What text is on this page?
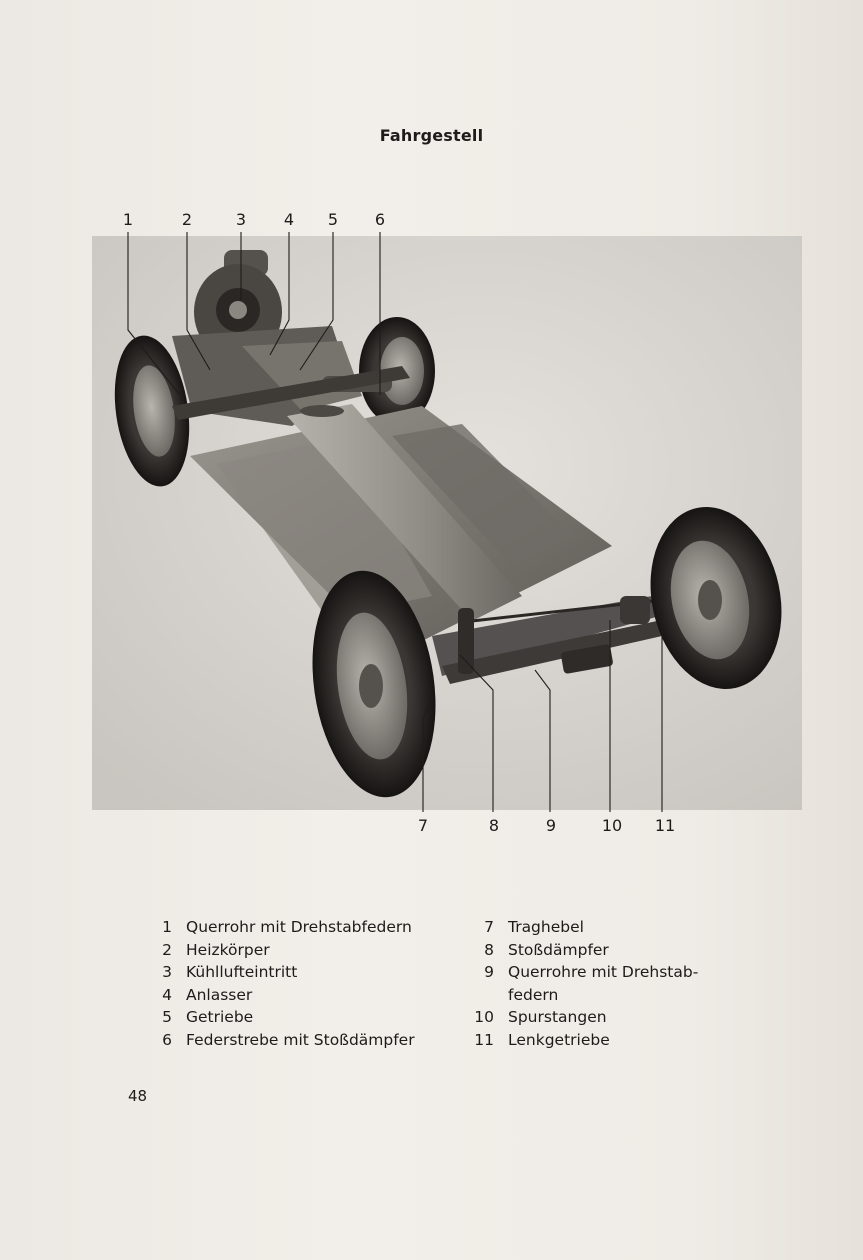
Fahrgestell
1	2	3 4 5 6
7	8	9	10 11
1 Querrohr mit Drehstabfedern
2 Heizkörper
3 Kühllufteintritt
4 Anlasser
5 Getriebe
6 Federstrebe mit Stoßdämpfer
7 Traghebel
8 Stoßdämpfer
9 Querrohre mit Drehstab-
federn
10 Spurstangen
11 Lenkgetriebe
48
